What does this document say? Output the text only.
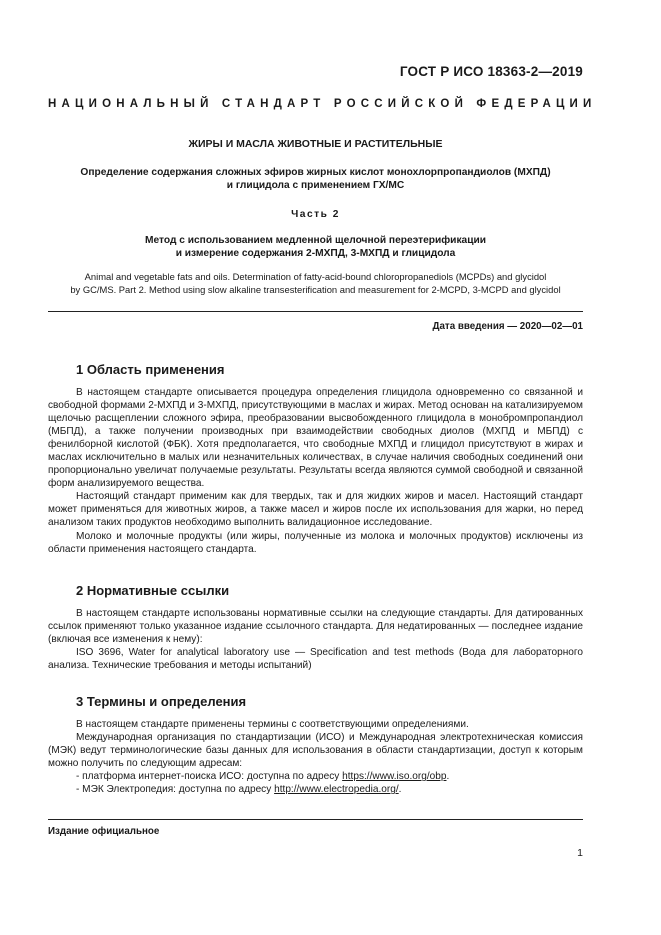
ГОСТ Р ИСО 18363-2—2019
НАЦИОНАЛЬНЫЙ СТАНДАРТ РОССИЙСКОЙ ФЕДЕРАЦИИ
ЖИРЫ И МАСЛА ЖИВОТНЫЕ И РАСТИТЕЛЬНЫЕ
Определение содержания сложных эфиров жирных кислот монохлорпропандиолов (МХПД)
и глицидола с применением ГХ/МС
Часть 2
Метод с использованием медленной щелочной переэтерификации
и измерение содержания 2-МХПД, 3-МХПД и глицидола
Animal and vegetable fats and oils. Determination of fatty-acid-bound chloropropanediols (MCPDs) and glycidol
by GC/MS. Part 2. Method using slow alkaline transesterification and measurement for 2-MCPD, 3-MCPD and glycidol
Дата введения — 2020—02—01
1 Область применения

В настоящем стандарте описывается процедура определения глицидола одновременно со связанной и свободной формами 2-МХПД и 3-МХПД, присутствующими в маслах и жирах. Метод основан на катализируемом щелочью расщеплении сложного эфира, преобразовании высвобожденного глицидола в монобромпропандиол (МБПД), а также получении производных при взаимодействии свободных диолов (МХПД и МБПД) с фенилборной кислотой (ФБК). Хотя предполагается, что свободные МХПД и глицидол присутствуют в жирах и маслах исключительно в малых или незначительных количествах, в случае наличия свободных соединений они пропорционально увеличат получаемые результаты. Результаты всегда являются суммой свободной и связанной форм анализируемого вещества.

Настоящий стандарт применим как для твердых, так и для жидких жиров и масел. Настоящий стандарт может применяться для животных жиров, а также масел и жиров после их использования для жарки, но перед анализом таких продуктов необходимо выполнить валидационное исследование.

Молоко и молочные продукты (или жиры, полученные из молока и молочных продуктов) исключены из области применения настоящего стандарта.

2 Нормативные ссылки

В настоящем стандарте использованы нормативные ссылки на следующие стандарты. Для датированных ссылок применяют только указанное издание ссылочного стандарта. Для недатированных — последнее издание (включая все изменения к нему):

ISO 3696, Water for analytical laboratory use — Specification and test methods (Вода для лабораторного анализа. Технические требования и методы испытаний)

3 Термины и определения

В настоящем стандарте применены термины с соответствующими определениями.

Международная организация по стандартизации (ИСО) и Международная электротехническая комиссия (МЭК) ведут терминологические базы данных для использования в области стандартизации, доступ к которым можно получить по следующим адресам:

- платформа интернет-поиска ИСО: доступна по адресу https://www.iso.org/obp.

- МЭК Электропедия: доступна по адресу http://www.electropedia.org/.

Издание официальное
1
